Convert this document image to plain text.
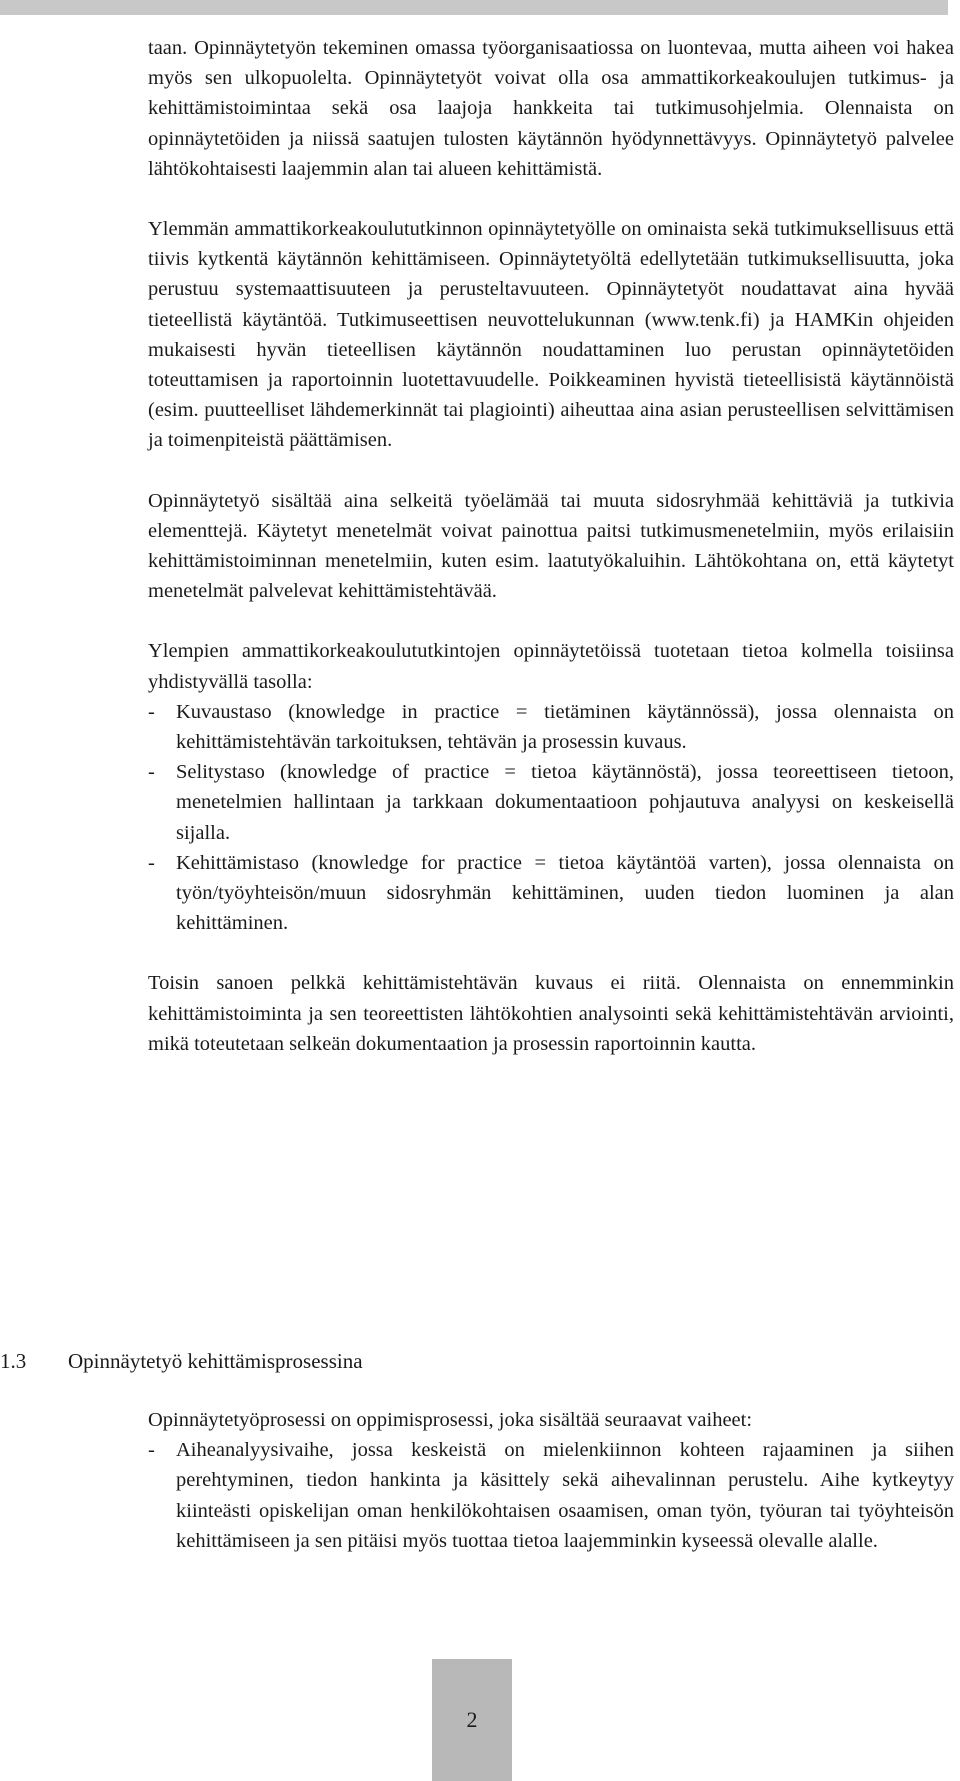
taan. Opinnäytetyön tekeminen omassa työorganisaatiossa on luontevaa, mutta aiheen voi hakea myös sen ulkopuolelta. Opinnäytetyöt voivat olla osa ammattikorkeakoulujen tutkimus- ja kehittämistoimintaa sekä osa laajoja hankkeita tai tutkimusohjelmia. Olennaista on opinnäytetöiden ja niissä saatujen tulosten käytännön hyödynnettävyys. Opinnäytetyö palvelee lähtökohtaisesti laajemmin alan tai alueen kehittämistä.

Ylemmän ammattikorkeakoulututkinnon opinnäytetyölle on ominaista sekä tutkimuksellisuus että tiivis kytkentä käytännön kehittämiseen. Opinnäytetyöltä edellytetään tutkimuksellisuutta, joka perustuu systemaattisuuteen ja perusteltavuuteen. Opinnäytetyöt noudattavat aina hyvää tieteellistä käytäntöä. Tutkimuseettisen neuvottelukunnan (www.tenk.fi) ja HAMKin ohjeiden mukaisesti hyvän tieteellisen käytännön noudattaminen luo perustan opinnäytetöiden toteuttamisen ja raportoinnin luotettavuudelle. Poikkeaminen hyvistä tieteellisistä käytännöistä (esim. puutteelliset lähdemerkinnät tai plagiointi) aiheuttaa aina asian perusteellisen selvittämisen ja toimenpiteistä päättämisen.

Opinnäytetyö sisältää aina selkeitä työelämää tai muuta sidosryhmää kehittäviä ja tutkivia elementtejä. Käytetyt menetelmät voivat painottua paitsi tutkimusmenetelmiin, myös erilaisiin kehittämistoiminnan menetelmiin, kuten esim. laatutyökaluihin. Lähtökohtana on, että käytetyt menetelmät palvelevat kehittämistehtävää.

Ylempien ammattikorkeakoulututkintojen opinnäytetöissä tuotetaan tietoa kolmella toisiinsa yhdistyvällä tasolla:

- Kuvaustaso (knowledge in practice = tietäminen käytännössä), jossa olennaista on kehittämistehtävän tarkoituksen, tehtävän ja prosessin kuvaus.
- Selitystaso (knowledge of practice = tietoa käytännöstä), jossa teoreettiseen tietoon, menetelmien hallintaan ja tarkkaan dokumentaatioon pohjautuva analyysi on keskeisellä sijalla.
- Kehittämistaso (knowledge for practice = tietoa käytäntöä varten), jossa olennaista on työn/työyhteisön/muun sidosryhmän kehittäminen, uuden tiedon luominen ja alan kehittäminen.

Toisin sanoen pelkkä kehittämistehtävän kuvaus ei riitä. Olennaista on ennemminkin kehittämistoiminta ja sen teoreettisten lähtökohtien analysointi sekä kehittämistehtävän arviointi, mikä toteutetaan selkeän dokumentaation ja prosessin raportoinnin kautta.

1.3 Opinnäytetyö kehittämisprosessina

Opinnäytetyöprosessi on oppimisprosessi, joka sisältää seuraavat vaiheet:

- Aiheanalyysivaihe, jossa keskeistä on mielenkiinnon kohteen rajaaminen ja siihen perehtyminen, tiedon hankinta ja käsittely sekä aihevalinnan perustelu. Aihe kytkeytyy kiinteästi opiskelijan oman henkilökohtaisen osaamisen, oman työn, työuran tai työyhteisön kehittämiseen ja sen pitäisi myös tuottaa tietoa laajemminkin kyseessä olevalle alalle.
2
